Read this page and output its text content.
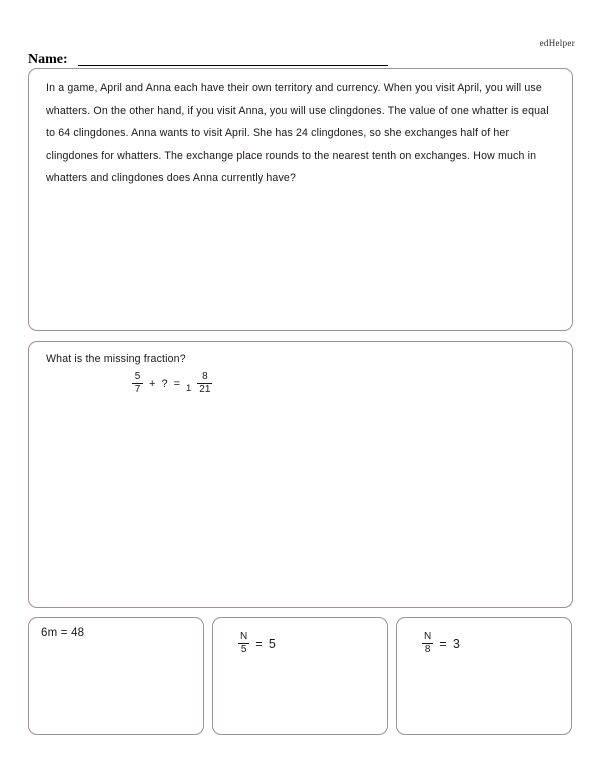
edHelper
Name:
In a game, April and Anna each have their own territory and currency. When you visit April, you will use whatters. On the other hand, if you visit Anna, you will use clingdones. The value of one whatter is equal to 64 clingdones. Anna wants to visit April. She has 24 clingdones, so she exchanges half of her clingdones for whatters. The exchange place rounds to the nearest tenth on exchanges. How much in whatters and clingdones does Anna currently have?
What is the missing fraction?
$\frac{5}{7}$ + ? = $1 \frac{8}{21}$
6m = 48	$\frac{N}{5} = 5$	$\frac{N}{8} = 3$
